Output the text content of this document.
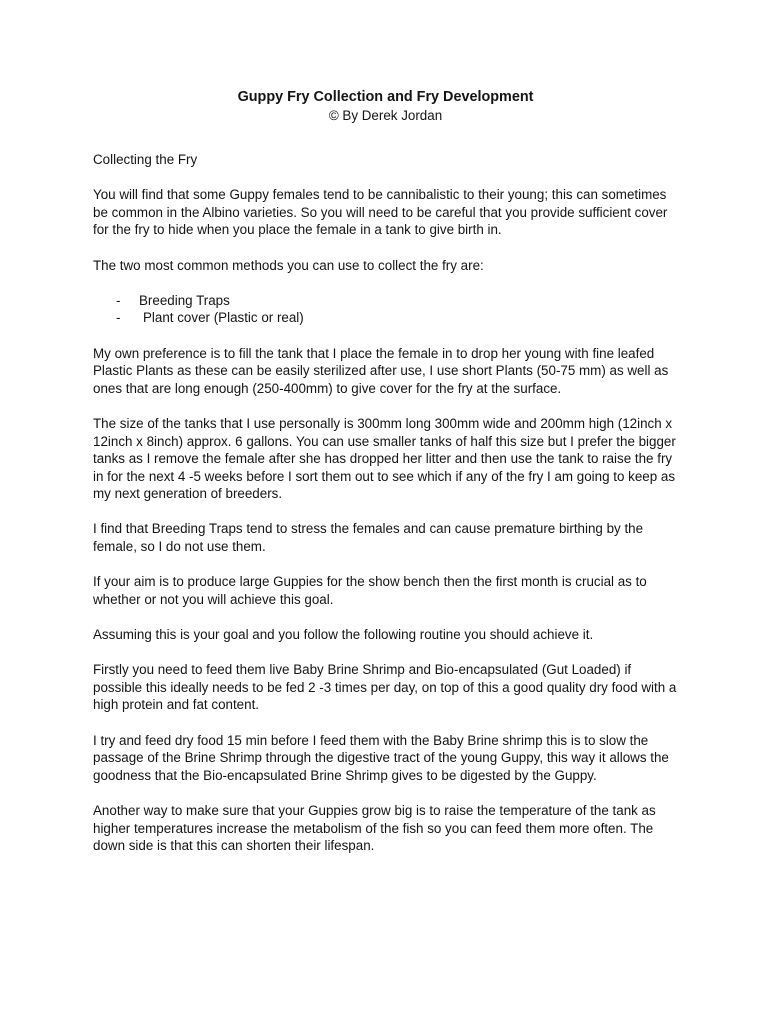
Guppy Fry Collection and Fry Development
© By Derek Jordan
Collecting the Fry

You will find that some Guppy females tend to be cannibalistic to their young; this can sometimes be common in the Albino varieties. So you will need to be careful that you provide sufficient cover for the fry to hide when you place the female in a tank to give birth in.

The two most common methods you can use to collect the fry are:

- Breeding Traps
- Plant cover (Plastic or real)

My own preference is to fill the tank that I place the female in to drop her young with fine leafed Plastic Plants as these can be easily sterilized after use, I use short Plants (50-75 mm) as well as ones that are long enough (250-400mm) to give cover for the fry at the surface.

The size of the tanks that I use personally is 300mm long 300mm wide and 200mm high (12inch x 12inch x 8inch) approx. 6 gallons. You can use smaller tanks of half this size but I prefer the bigger tanks as I remove the female after she has dropped her litter and then use the tank to raise the fry in for the next 4 -5 weeks before I sort them out to see which if any of the fry I am going to keep as my next generation of breeders.

I find that Breeding Traps tend to stress the females and can cause premature birthing by the female, so I do not use them.

If your aim is to produce large Guppies for the show bench then the first month is crucial as to whether or not you will achieve this goal.

Assuming this is your goal and you follow the following routine you should achieve it.

Firstly you need to feed them live Baby Brine Shrimp and Bio-encapsulated (Gut Loaded) if possible this ideally needs to be fed 2 -3 times per day, on top of this a good quality dry food with a high protein and fat content.

I try and feed dry food 15 min before I feed them with the Baby Brine shrimp this is to slow the passage of the Brine Shrimp through the digestive tract of the young Guppy, this way it allows the goodness that the Bio-encapsulated Brine Shrimp gives to be digested by the Guppy.

Another way to make sure that your Guppies grow big is to raise the temperature of the tank as higher temperatures increase the metabolism of the fish so you can feed them more often. The down side is that this can shorten their lifespan.
